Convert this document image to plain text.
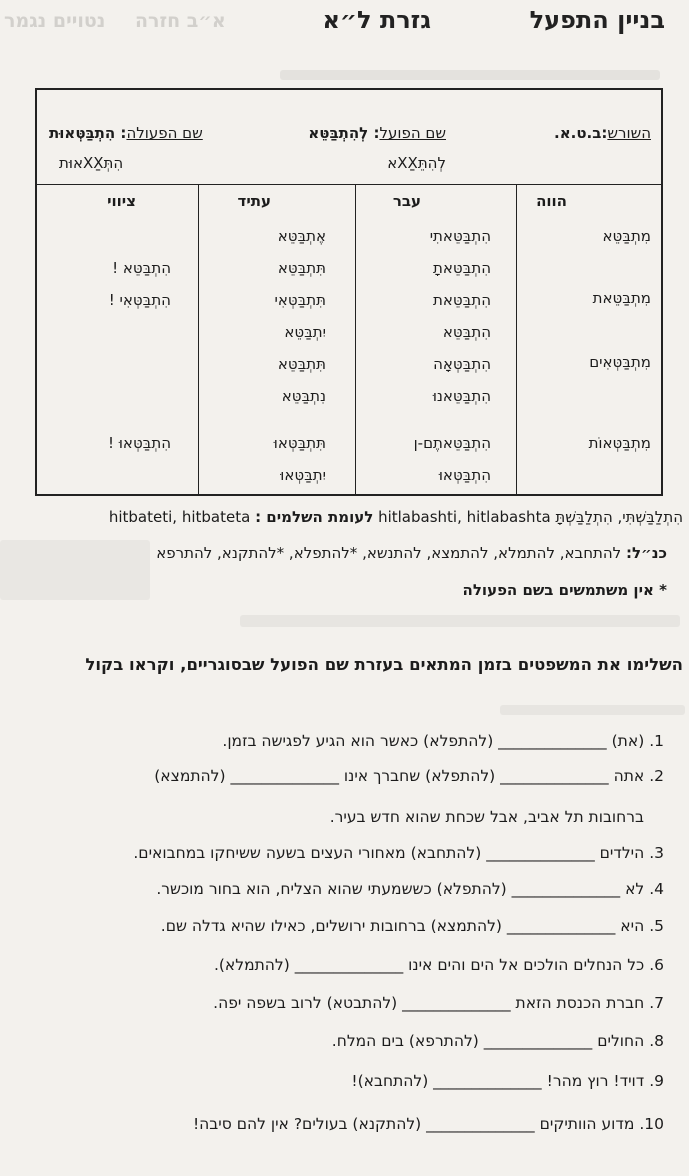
בניין התפעל
גזרת ל״א
א״ב חזרה
נטויים נגמר
השורש:ב.ט.א.
שם הפועל: לְהִתְבַּטֵּא
לְהִתXַXֵּא
שם הפעולה: הִתְבַּטְּאוּת
הִתXַXְּאוּת
הווה
עבר
עתיד
ציווי
מִתְבַּטֵּא
מִתְבַּטֵּאת
מִתְבַּטְּאִים
מִתְבַּטְּאוֹת
הִתְבַּטֵּאתִי
הִתְבַּטֵּאתָ
הִתְבַּטֵּאת
הִתְבַּטֵּא
הִתְבַּטְּאָה
הִתְבַּטֵּאנוּ
הִתְבַּטֵּאתֶם-ן
הִתְבַּטְּאוּ
אֶתְבַּטֵּא
תִּתְבַּטֵּא
תִּתְבַּטְּאִי
יִתְבַּטֵּא
תִּתְבַּטֵּא
נִתְבַּטֵּא
תִּתְבַּטְּאוּ
יִתְבַּטְּאוּ
הִתְבַּטֵּא !
הִתְבַּטְּאִי !
הִתְבַּטְּאוּ !
הִתְלַבַּשְׁתִּי, הִתְלַבַּשְׁתָּ hitlabashti, hitlabashta לעומת השלמים : hitbateti, hitbateta
כנ״ל: להתחבא, להתמלא, להתמצא, להתנשא, *להתפלא, *להתקנא, להתרפא
* אין משתמשים בשם הפעולה
השלימו את המשפטים בזמן המתאים בעזרת שם הפועל שבסוגריים, וקראו בקול
1. (את) ______________ (להתפלא) כאשר הוא הגיע לפגישה בזמן.
2. אתה ______________ (להתפלא) שחברך אינו ______________ (להתמצא)
ברחובות תל אביב, אבל שכחת שהוא חדש בעיר.
3. הילדים ______________ (להתחבא) מאחורי העצים בשעה ששיחקו במחבואים.
4. לא ______________ (להתפלא) כששמעתי שהוא הצליח, הוא בחור מוכשר.
5. היא ______________ (להתמצא) ברחובות ירושלים, כאילו שהיא גדלה שם.
6. כל הנחלים הולכים אל הים והים אינו ______________ (להתמלא).
7. חברת הכנסת הזאת ______________ (להתבטא) לרוב בשפה יפה.
8. החולים ______________ (להתרפא) בים המלח.
9. דויד! רוץ מהר! ______________ (להתחבא)!
10. מדוע הוותיקים ______________ (להתקנא) בעולים? אין להם סיבה!
